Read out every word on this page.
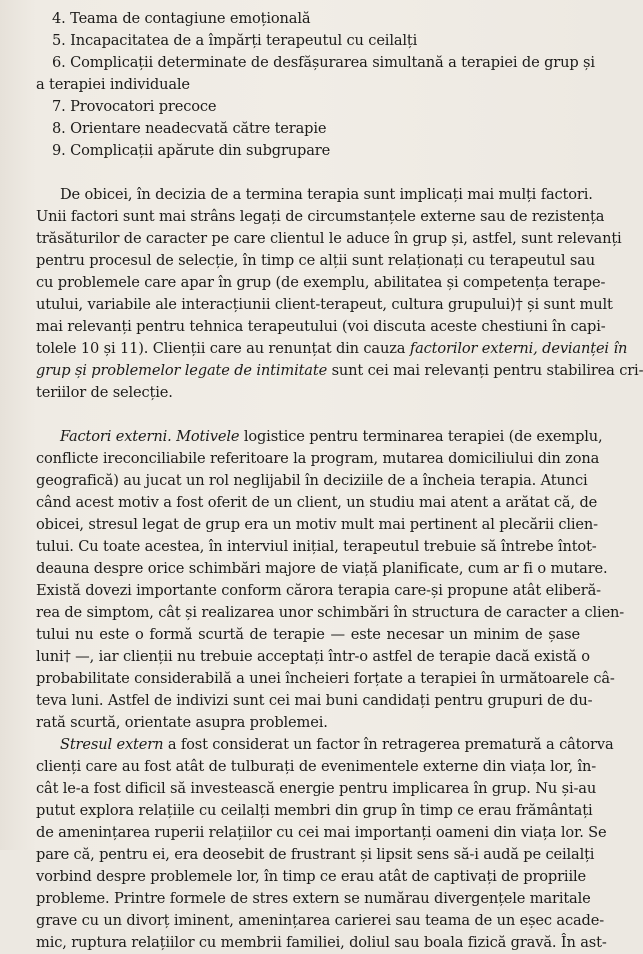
4. Teama de contagiune emoțională
5. Incapacitatea de a împărți terapeutul cu ceilalți
6. Complicații determinate de desfășurarea simultană a terapiei de grup și
a terapiei individuale
7. Provocatori precoce
8. Orientare neadecvată către terapie
9. Complicații apărute din subgrupare
De obicei, în decizia de a termina terapia sunt implicați mai mulți factori.
Unii factori sunt mai strâns legați de circumstanțele externe sau de rezistența
trăsăturilor de caracter pe care clientul le aduce în grup și, astfel, sunt relevanți
pentru procesul de selecție, în timp ce alții sunt relaționați cu terapeutul sau
cu problemele care apar în grup (de exemplu, abilitatea și competența terape-
utului, variabile ale interacțiunii client-terapeut, cultura grupului)† și sunt mult
mai relevanți pentru tehnica terapeutului (voi discuta aceste chestiuni în capi-
tolele 10 și 11). Clienții care au renunțat din cauza factorilor externi, devianței în
grup și problemelor legate de intimitate sunt cei mai relevanți pentru stabilirea cri-
teriilor de selecție.
Factori externi. Motivele logistice pentru terminarea terapiei (de exemplu,
conflicte ireconciliabile referitoare la program, mutarea domiciliului din zona
geografică) au jucat un rol neglijabil în deciziile de a încheia terapia. Atunci
când acest motiv a fost oferit de un client, un studiu mai atent a arătat că, de
obicei, stresul legat de grup era un motiv mult mai pertinent al plecării clien-
tului. Cu toate acestea, în interviul inițial, terapeutul trebuie să întrebe întot-
deauna despre orice schimbări majore de viață planificate, cum ar fi o mutare.
Există dovezi importante conform cărora terapia care-și propune atât eliberă-
rea de simptom, cât și realizarea unor schimbări în structura de caracter a clien-
tului nu este o formă scurtă de terapie — este necesar un minim de șase
luni† —, iar clienții nu trebuie acceptați într-o astfel de terapie dacă există o
probabilitate considerabilă a unei încheieri forțate a terapiei în următoarele câ-
teva luni. Astfel de indivizi sunt cei mai buni candidați pentru grupuri de du-
rată scurtă, orientate asupra problemei.
Stresul extern a fost considerat un factor în retragerea prematură a câtorva
clienți care au fost atât de tulburați de evenimentele externe din viața lor, în-
cât le-a fost dificil să investească energie pentru implicarea în grup. Nu și-au
putut explora relațiile cu ceilalți membri din grup în timp ce erau frământați
de amenințarea ruperii relațiilor cu cei mai importanți oameni din viața lor. Se
pare că, pentru ei, era deosebit de frustrant și lipsit sens să-i audă pe ceilalți
vorbind despre problemele lor, în timp ce erau atât de captivați de propriile
probleme. Printre formele de stres extern se numărau divergențele maritale
grave cu un divorț iminent, amenințarea carierei sau teama de un eșec acade-
mic, ruptura relațiilor cu membrii familiei, doliul sau boala fizică gravă. În ast-
